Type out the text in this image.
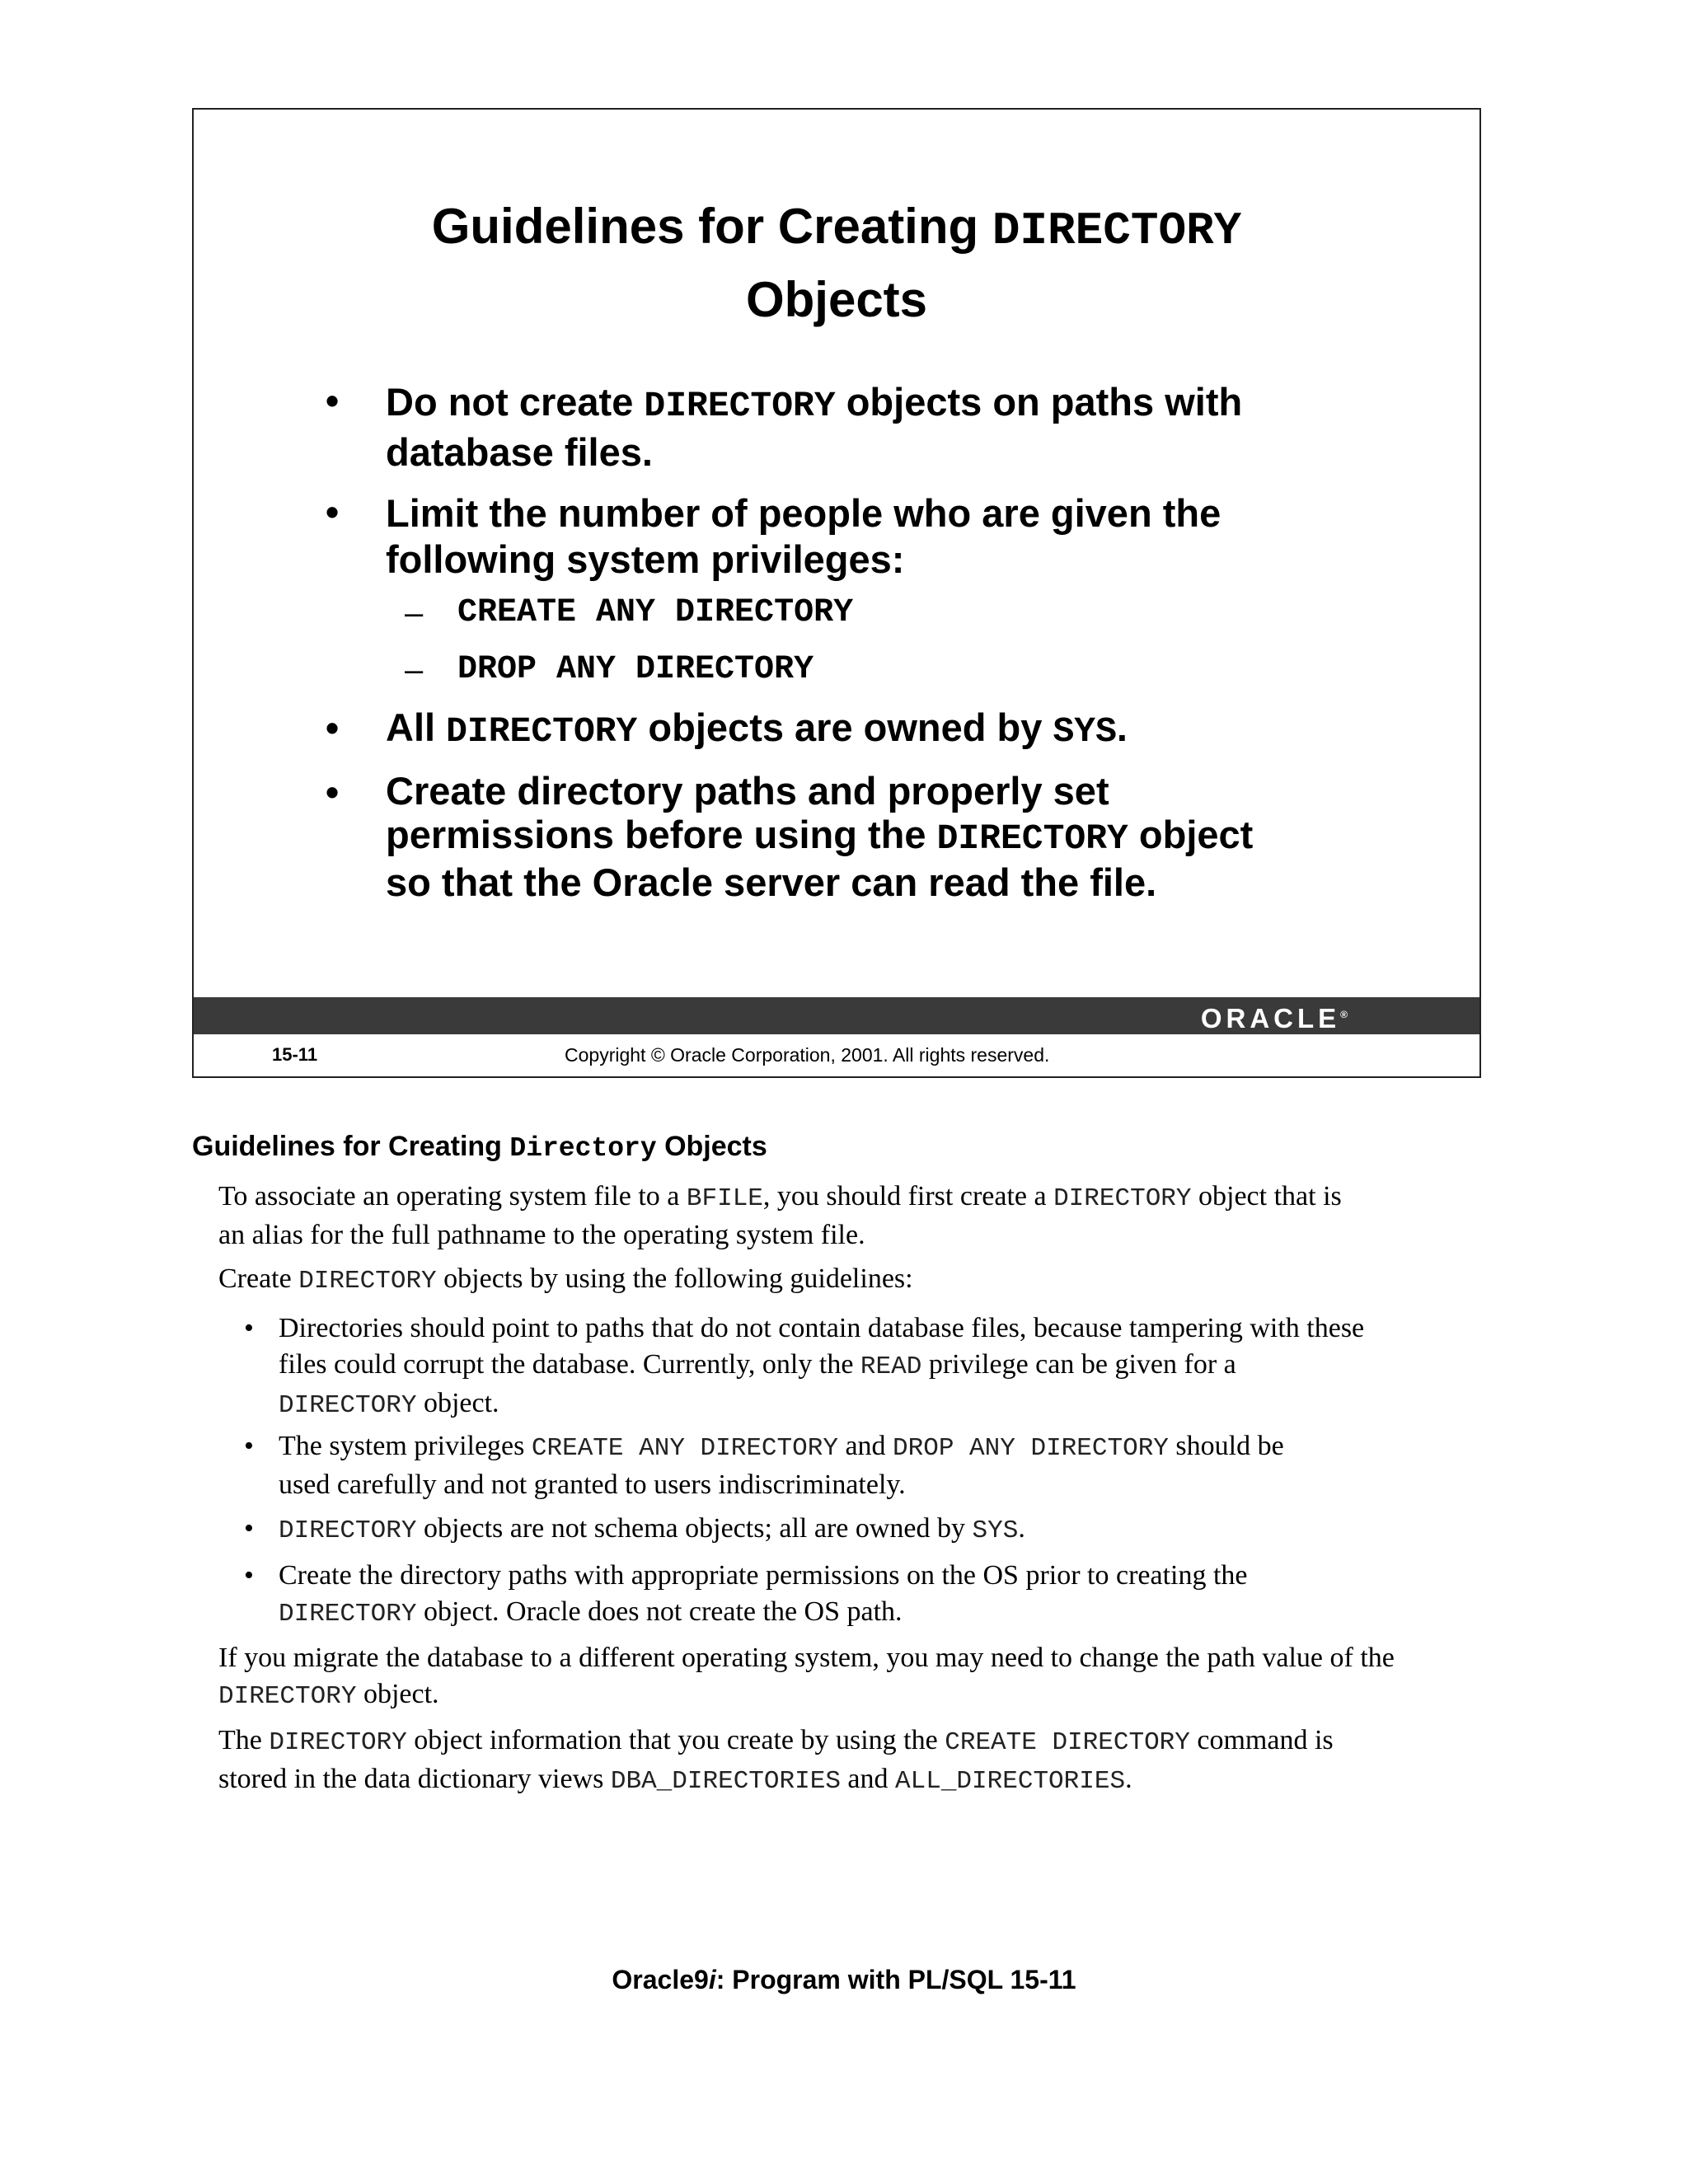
Guidelines for Creating DIRECTORY
Objects
• Do not create DIRECTORY objects on paths with
database files.
• Limit the number of people who are given the
following system privileges:
– CREATE ANY DIRECTORY
– DROP ANY DIRECTORY
• All DIRECTORY objects are owned by SYS.
• Create directory paths and properly set
permissions before using the DIRECTORY object
so that the Oracle server can read the file.
ORACLE®
15-11	Copyright © Oracle Corporation, 2001. All rights reserved.
Guidelines for Creating Directory Objects
To associate an operating system file to a BFILE, you should first create a DIRECTORY object that is
an alias for the full pathname to the operating system file.
Create DIRECTORY objects by using the following guidelines:
• Directories should point to paths that do not contain database files, because tampering with these
files could corrupt the database. Currently, only the READ privilege can be given for a
DIRECTORY object.
• The system privileges CREATE ANY DIRECTORY and DROP ANY DIRECTORY should be
used carefully and not granted to users indiscriminately.
• DIRECTORY objects are not schema objects; all are owned by SYS.
• Create the directory paths with appropriate permissions on the OS prior to creating the
DIRECTORY object. Oracle does not create the OS path.
If you migrate the database to a different operating system, you may need to change the path value of the
DIRECTORY object.
The DIRECTORY object information that you create by using the CREATE DIRECTORY command is
stored in the data dictionary views DBA_DIRECTORIES and ALL_DIRECTORIES.
Oracle9i: Program with PL/SQL 15-11
